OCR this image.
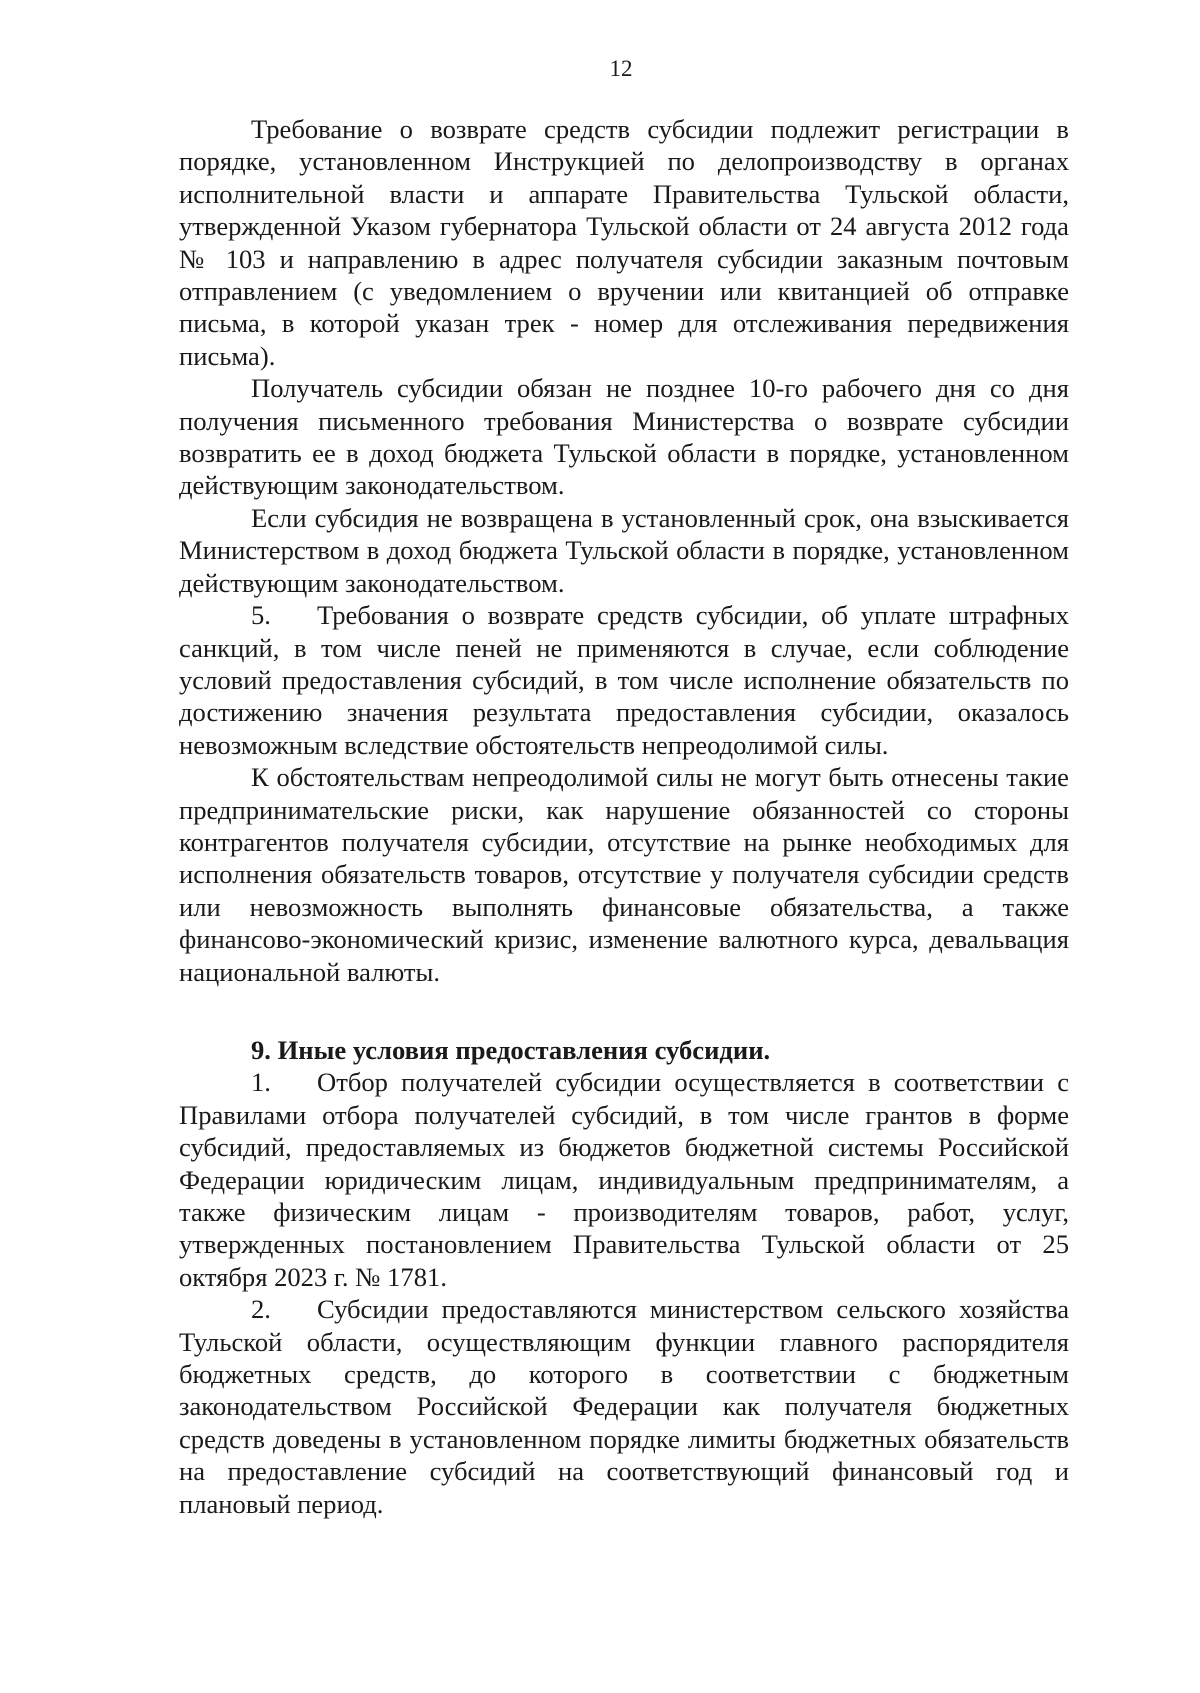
12

Требование о возврате средств субсидии подлежит регистрации в порядке, установленном Инструкцией по делопроизводству в органах исполнительной власти и аппарате Правительства Тульской области, утвержденной Указом губернатора Тульской области от 24 августа 2012 года № 103 и направлению в адрес получателя субсидии заказным почтовым отправлением (с уведомлением о вручении или квитанцией об отправке письма, в которой указан трек - номер для отслеживания передвижения письма).

Получатель субсидии обязан не позднее 10-го рабочего дня со дня получения письменного требования Министерства о возврате субсидии возвратить ее в доход бюджета Тульской области в порядке, установленном действующим законодательством.

Если субсидия не возвращена в установленный срок, она взыскивается Министерством в доход бюджета Тульской области в порядке, установленном действующим законодательством.

5. Требования о возврате средств субсидии, об уплате штрафных санкций, в том числе пеней не применяются в случае, если соблюдение условий предоставления субсидий, в том числе исполнение обязательств по достижению значения результата предоставления субсидии, оказалось невозможным вследствие обстоятельств непреодолимой силы.

К обстоятельствам непреодолимой силы не могут быть отнесены такие предпринимательские риски, как нарушение обязанностей со стороны контрагентов получателя субсидии, отсутствие на рынке необходимых для исполнения обязательств товаров, отсутствие у получателя субсидии средств или невозможность выполнять финансовые обязательства, а также финансово-экономический кризис, изменение валютного курса, девальвация национальной валюты.

9. Иные условия предоставления субсидии.

1. Отбор получателей субсидии осуществляется в соответствии с Правилами отбора получателей субсидий, в том числе грантов в форме субсидий, предоставляемых из бюджетов бюджетной системы Российской Федерации юридическим лицам, индивидуальным предпринимателям, а также физическим лицам - производителям товаров, работ, услуг, утвержденных постановлением Правительства Тульской области от 25 октября 2023 г. № 1781.

2. Субсидии предоставляются министерством сельского хозяйства Тульской области, осуществляющим функции главного распорядителя бюджетных средств, до которого в соответствии с бюджетным законодательством Российской Федерации как получателя бюджетных средств доведены в установленном порядке лимиты бюджетных обязательств на предоставление субсидий на соответствующий финансовый год и плановый период.
